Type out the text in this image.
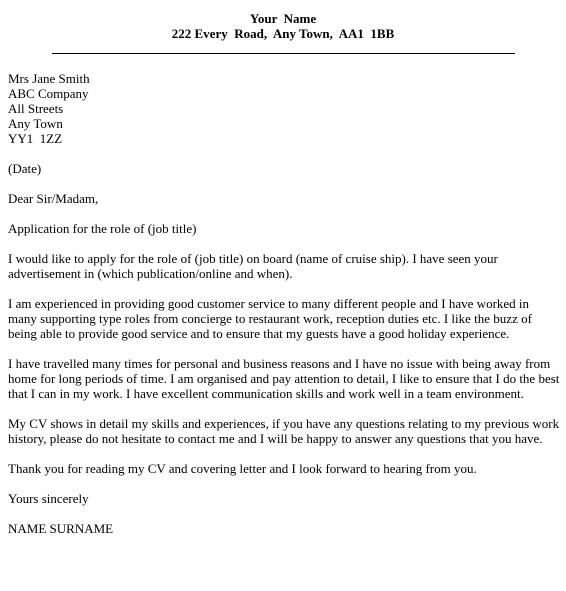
Your  Name
222 Every  Road,  Any Town,  AA1  1BB
Mrs Jane Smith
ABC Company
All Streets
Any Town
YY1  1ZZ

(Date)

Dear Sir/Madam,

Application for the role of (job title)

I would like to apply for the role of (job title) on board (name of cruise ship). I have seen your advertisement in (which publication/online and when).

I am experienced in providing good customer service to many different people and I have worked in many supporting type roles from concierge to restaurant work, reception duties etc. I like the buzz of being able to provide good service and to ensure that my guests have a good holiday experience.

I have travelled many times for personal and business reasons and I have no issue with being away from home for long periods of time. I am organised and pay attention to detail, I like to ensure that I do the best that I can in my work. I have excellent communication skills and work well in a team environment.

My CV shows in detail my skills and experiences, if you have any questions relating to my previous work history, please do not hesitate to contact me and I will be happy to answer any questions that you have.

Thank you for reading my CV and covering letter and I look forward to hearing from you.

Yours sincerely

NAME SURNAME
